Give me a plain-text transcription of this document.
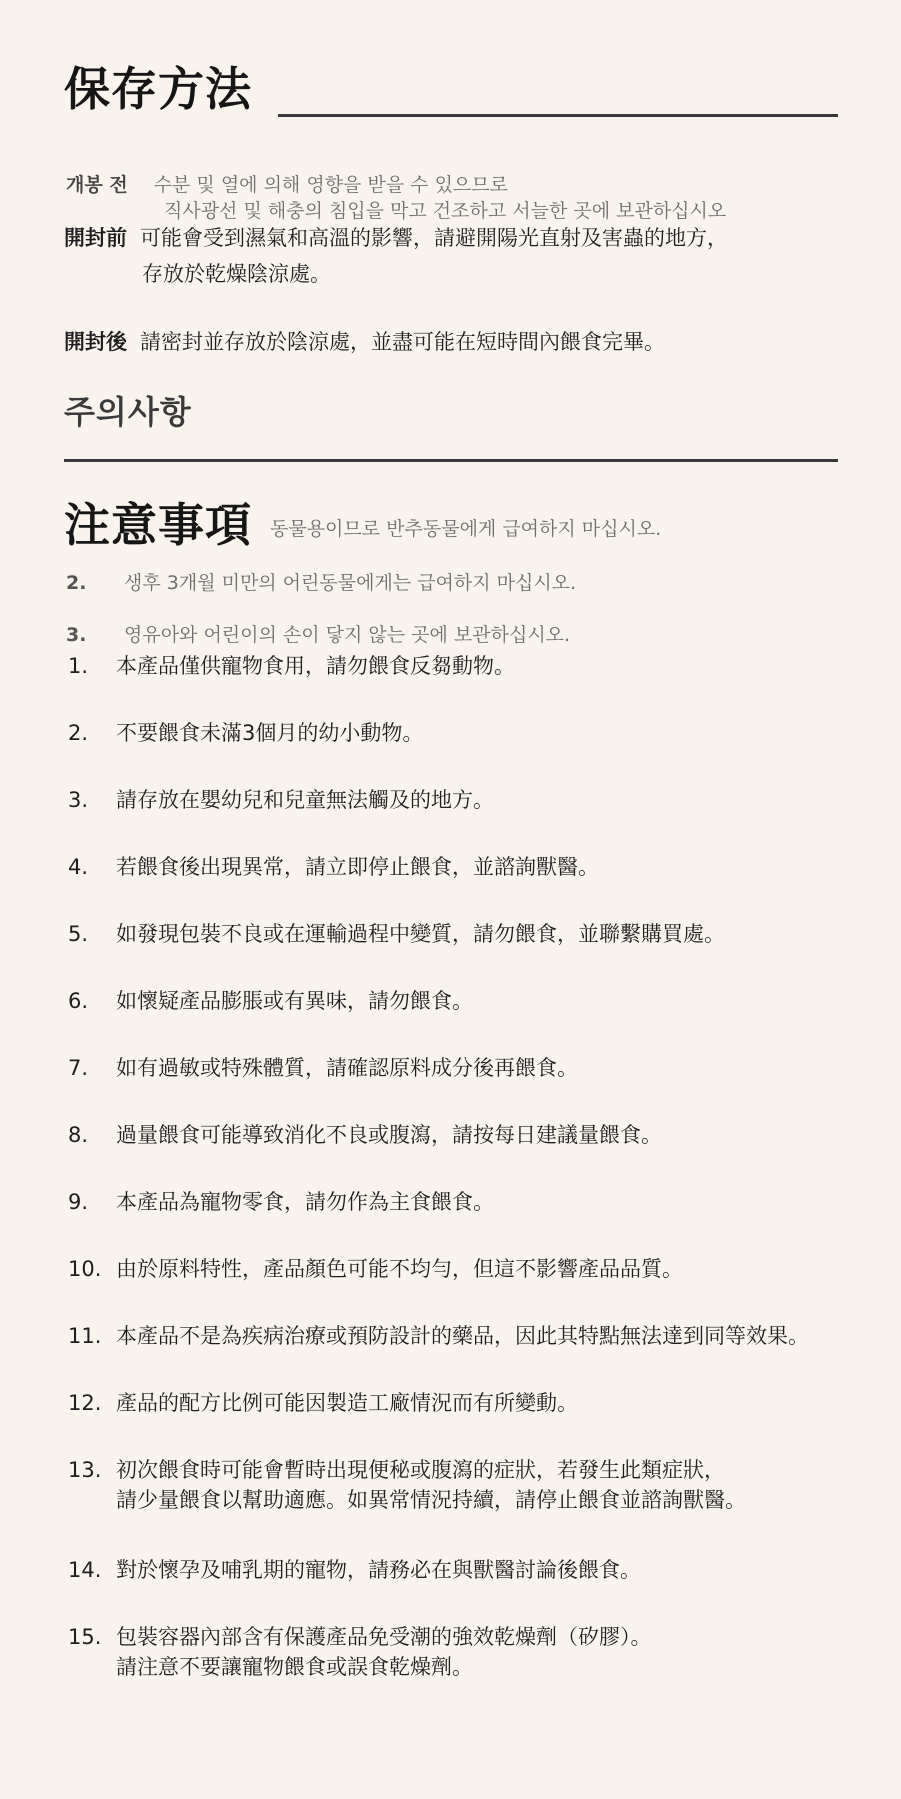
保存方法
개봉 전 수분 및 열에 의해 영향을 받을 수 있으므로
직사광선 및 해충의 침입을 막고 건조하고 서늘한 곳에 보관하십시오
開封前 可能會受到濕氣和高溫的影響，請避開陽光直射及害蟲的地方，
存放於乾燥陰涼處。
開封後 請密封並存放於陰涼處，並盡可能在短時間內餵食完畢。
주의사항
注意事項 동물용이므로 반추동물에게 급여하지 마십시오.
2. 생후 3개월 미만의 어린동물에게는 급여하지 마십시오.
3. 영유아와 어린이의 손이 닿지 않는 곳에 보관하십시오.
1.	本產品僅供寵物食用，請勿餵食反芻動物。
2.	不要餵食未滿3個月的幼小動物。
3.	請存放在嬰幼兒和兒童無法觸及的地方。
4.	若餵食後出現異常，請立即停止餵食，並諮詢獸醫。
5.	如發現包裝不良或在運輸過程中變質，請勿餵食，並聯繫購買處。
6.	如懷疑產品膨脹或有異味，請勿餵食。
7.	如有過敏或特殊體質，請確認原料成分後再餵食。
8.	過量餵食可能導致消化不良或腹瀉，請按每日建議量餵食。
9.	本產品為寵物零食，請勿作為主食餵食。
10. 由於原料特性，產品顏色可能不均勻，但這不影響產品品質。
11. 本產品不是為疾病治療或預防設計的藥品，因此其特點無法達到同等效果。
12. 產品的配方比例可能因製造工廠情況而有所變動。
13. 初次餵食時可能會暫時出現便秘或腹瀉的症狀，若發生此類症狀，
請少量餵食以幫助適應。如異常情況持續，請停止餵食並諮詢獸醫。
14. 對於懷孕及哺乳期的寵物，請務必在與獸醫討論後餵食。
15. 包裝容器內部含有保護產品免受潮的強效乾燥劑（矽膠）。
請注意不要讓寵物餵食或誤食乾燥劑。
